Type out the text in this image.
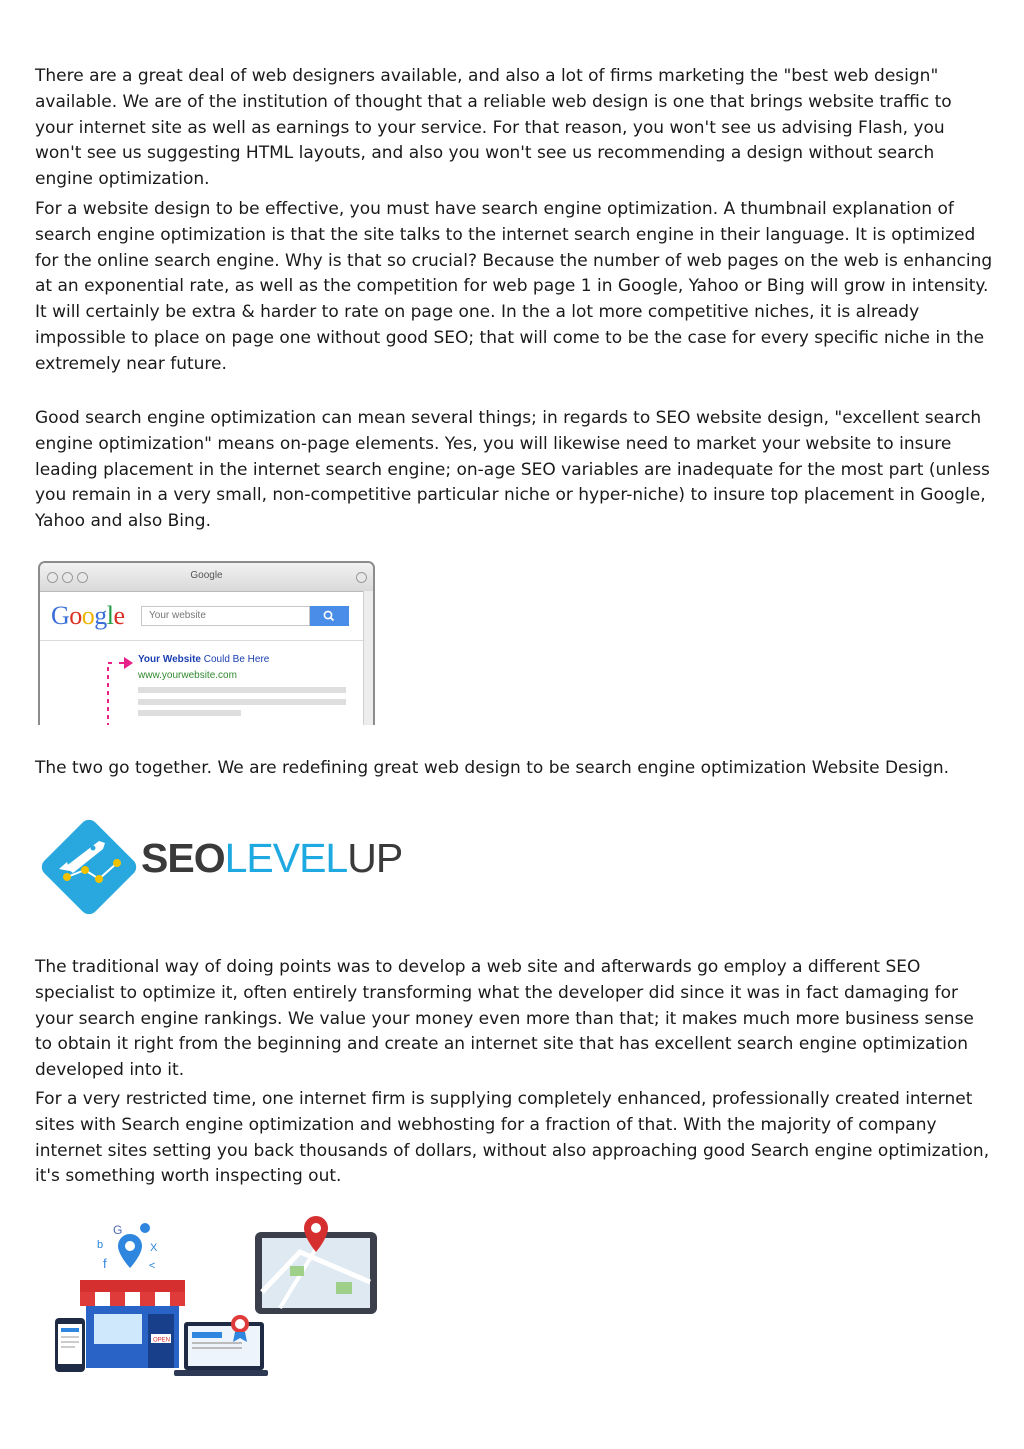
There are a great deal of web designers available, and also a lot of firms marketing the "best web design" available. We are of the institution of thought that a reliable web design is one that brings website traffic to your internet site as well as earnings to your service. For that reason, you won't see us advising Flash, you won't see us suggesting HTML layouts, and also you won't see us recommending a design without search engine optimization.

For a website design to be effective, you must have search engine optimization. A thumbnail explanation of search engine optimization is that the site talks to the internet search engine in their language. It is optimized for the online search engine. Why is that so crucial? Because the number of web pages on the web is enhancing at an exponential rate, as well as the competition for web page 1 in Google, Yahoo or Bing will grow in intensity. It will certainly be extra & harder to rate on page one. In the a lot more competitive niches, it is already impossible to place on page one without good SEO; that will come to be the case for every specific niche in the extremely near future.

Good search engine optimization can mean several things; in regards to SEO website design, "excellent search engine optimization" means on-page elements. Yes, you will likewise need to market your website to insure leading placement in the internet search engine; on-age SEO variables are inadequate for the most part (unless you remain in a very small, non-competitive particular niche or hyper-niche) to insure top placement in Google, Yahoo and also Bing.

Google
Google	Your website
Your Website Could Be Here
www.yourwebsite.com

The two go together. We are redefining great web design to be search engine optimization Website Design.

SEOLEVELUP

The traditional way of doing points was to develop a web site and afterwards go employ a different SEO specialist to optimize it, often entirely transforming what the developer did since it was in fact damaging for your search engine rankings. We value your money even more than that; it makes much more business sense to obtain it right from the beginning and create an internet site that has excellent search engine optimization developed into it.

For a very restricted time, one internet firm is supplying completely enhanced, professionally created internet sites with Search engine optimization and webhosting for a fraction of that. With the majority of company internet sites setting you back thousands of dollars, without also approaching good Search engine optimization, it's something worth inspecting out.

G
b
f
X
<
OPEN
